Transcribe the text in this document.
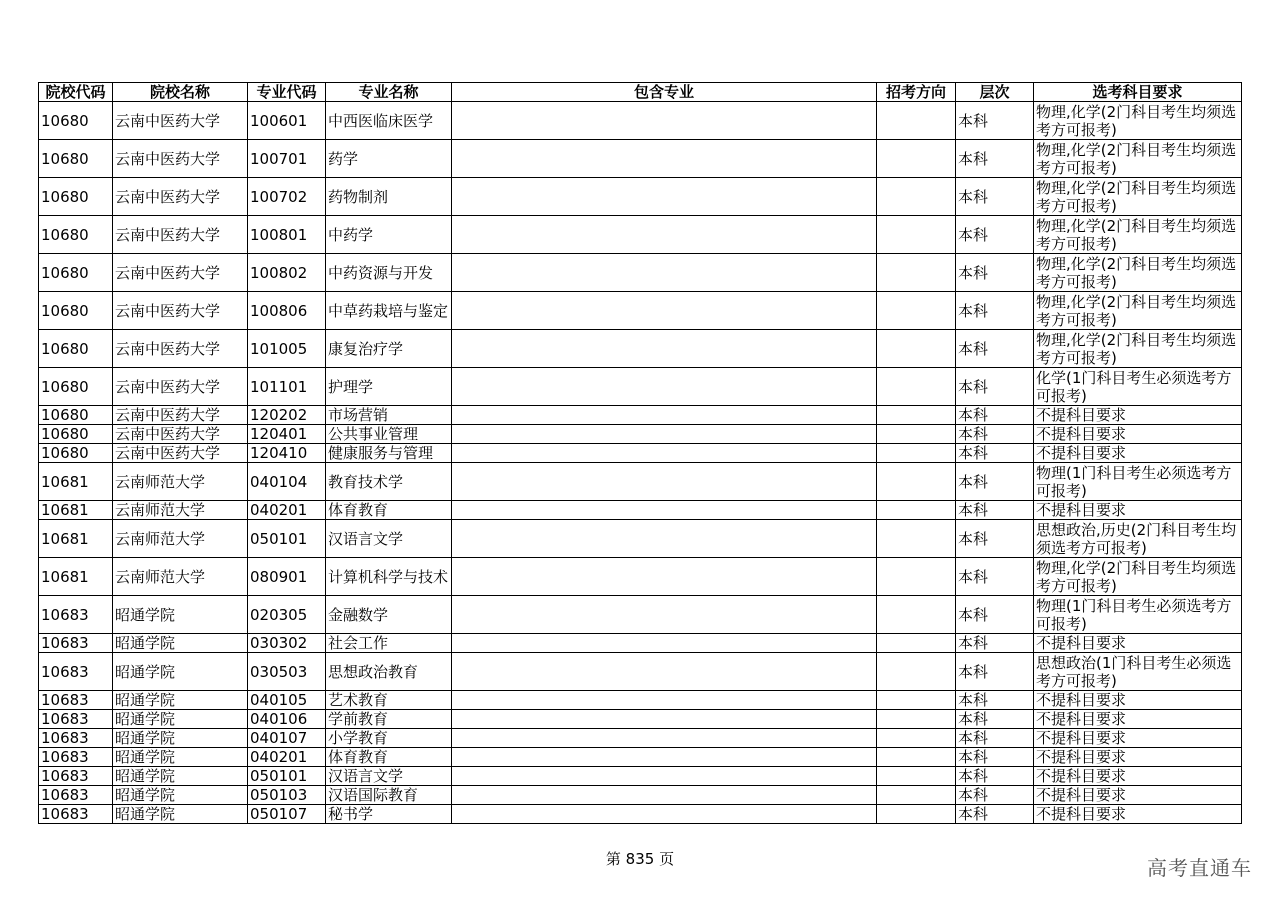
院校代码	院校名称	专业代码	专业名称	包含专业	招考方向	层次	选考科目要求
10680	云南中医药大学	100601	中西医临床医学			本科	物理,化学(2门科目考生均须选考方可报考)
10680	云南中医药大学	100701	药学			本科	物理,化学(2门科目考生均须选考方可报考)
10680	云南中医药大学	100702	药物制剂			本科	物理,化学(2门科目考生均须选考方可报考)
10680	云南中医药大学	100801	中药学			本科	物理,化学(2门科目考生均须选考方可报考)
10680	云南中医药大学	100802	中药资源与开发			本科	物理,化学(2门科目考生均须选考方可报考)
10680	云南中医药大学	100806	中草药栽培与鉴定			本科	物理,化学(2门科目考生均须选考方可报考)
10680	云南中医药大学	101005	康复治疗学			本科	物理,化学(2门科目考生均须选考方可报考)
10680	云南中医药大学	101101	护理学			本科	化学(1门科目考生必须选考方可报考)
10680	云南中医药大学	120202	市场营销			本科	不提科目要求
10680	云南中医药大学	120401	公共事业管理			本科	不提科目要求
10680	云南中医药大学	120410	健康服务与管理			本科	不提科目要求
10681	云南师范大学	040104	教育技术学			本科	物理(1门科目考生必须选考方可报考)
10681	云南师范大学	040201	体育教育			本科	不提科目要求
10681	云南师范大学	050101	汉语言文学			本科	思想政治,历史(2门科目考生均须选考方可报考)
10681	云南师范大学	080901	计算机科学与技术			本科	物理,化学(2门科目考生均须选考方可报考)
10683	昭通学院	020305	金融数学			本科	物理(1门科目考生必须选考方可报考)
10683	昭通学院	030302	社会工作			本科	不提科目要求
10683	昭通学院	030503	思想政治教育			本科	思想政治(1门科目考生必须选考方可报考)
10683	昭通学院	040105	艺术教育			本科	不提科目要求
10683	昭通学院	040106	学前教育			本科	不提科目要求
10683	昭通学院	040107	小学教育			本科	不提科目要求
10683	昭通学院	040201	体育教育			本科	不提科目要求
10683	昭通学院	050101	汉语言文学			本科	不提科目要求
10683	昭通学院	050103	汉语国际教育			本科	不提科目要求
10683	昭通学院	050107	秘书学			本科	不提科目要求
第 835 页	高考直通车
